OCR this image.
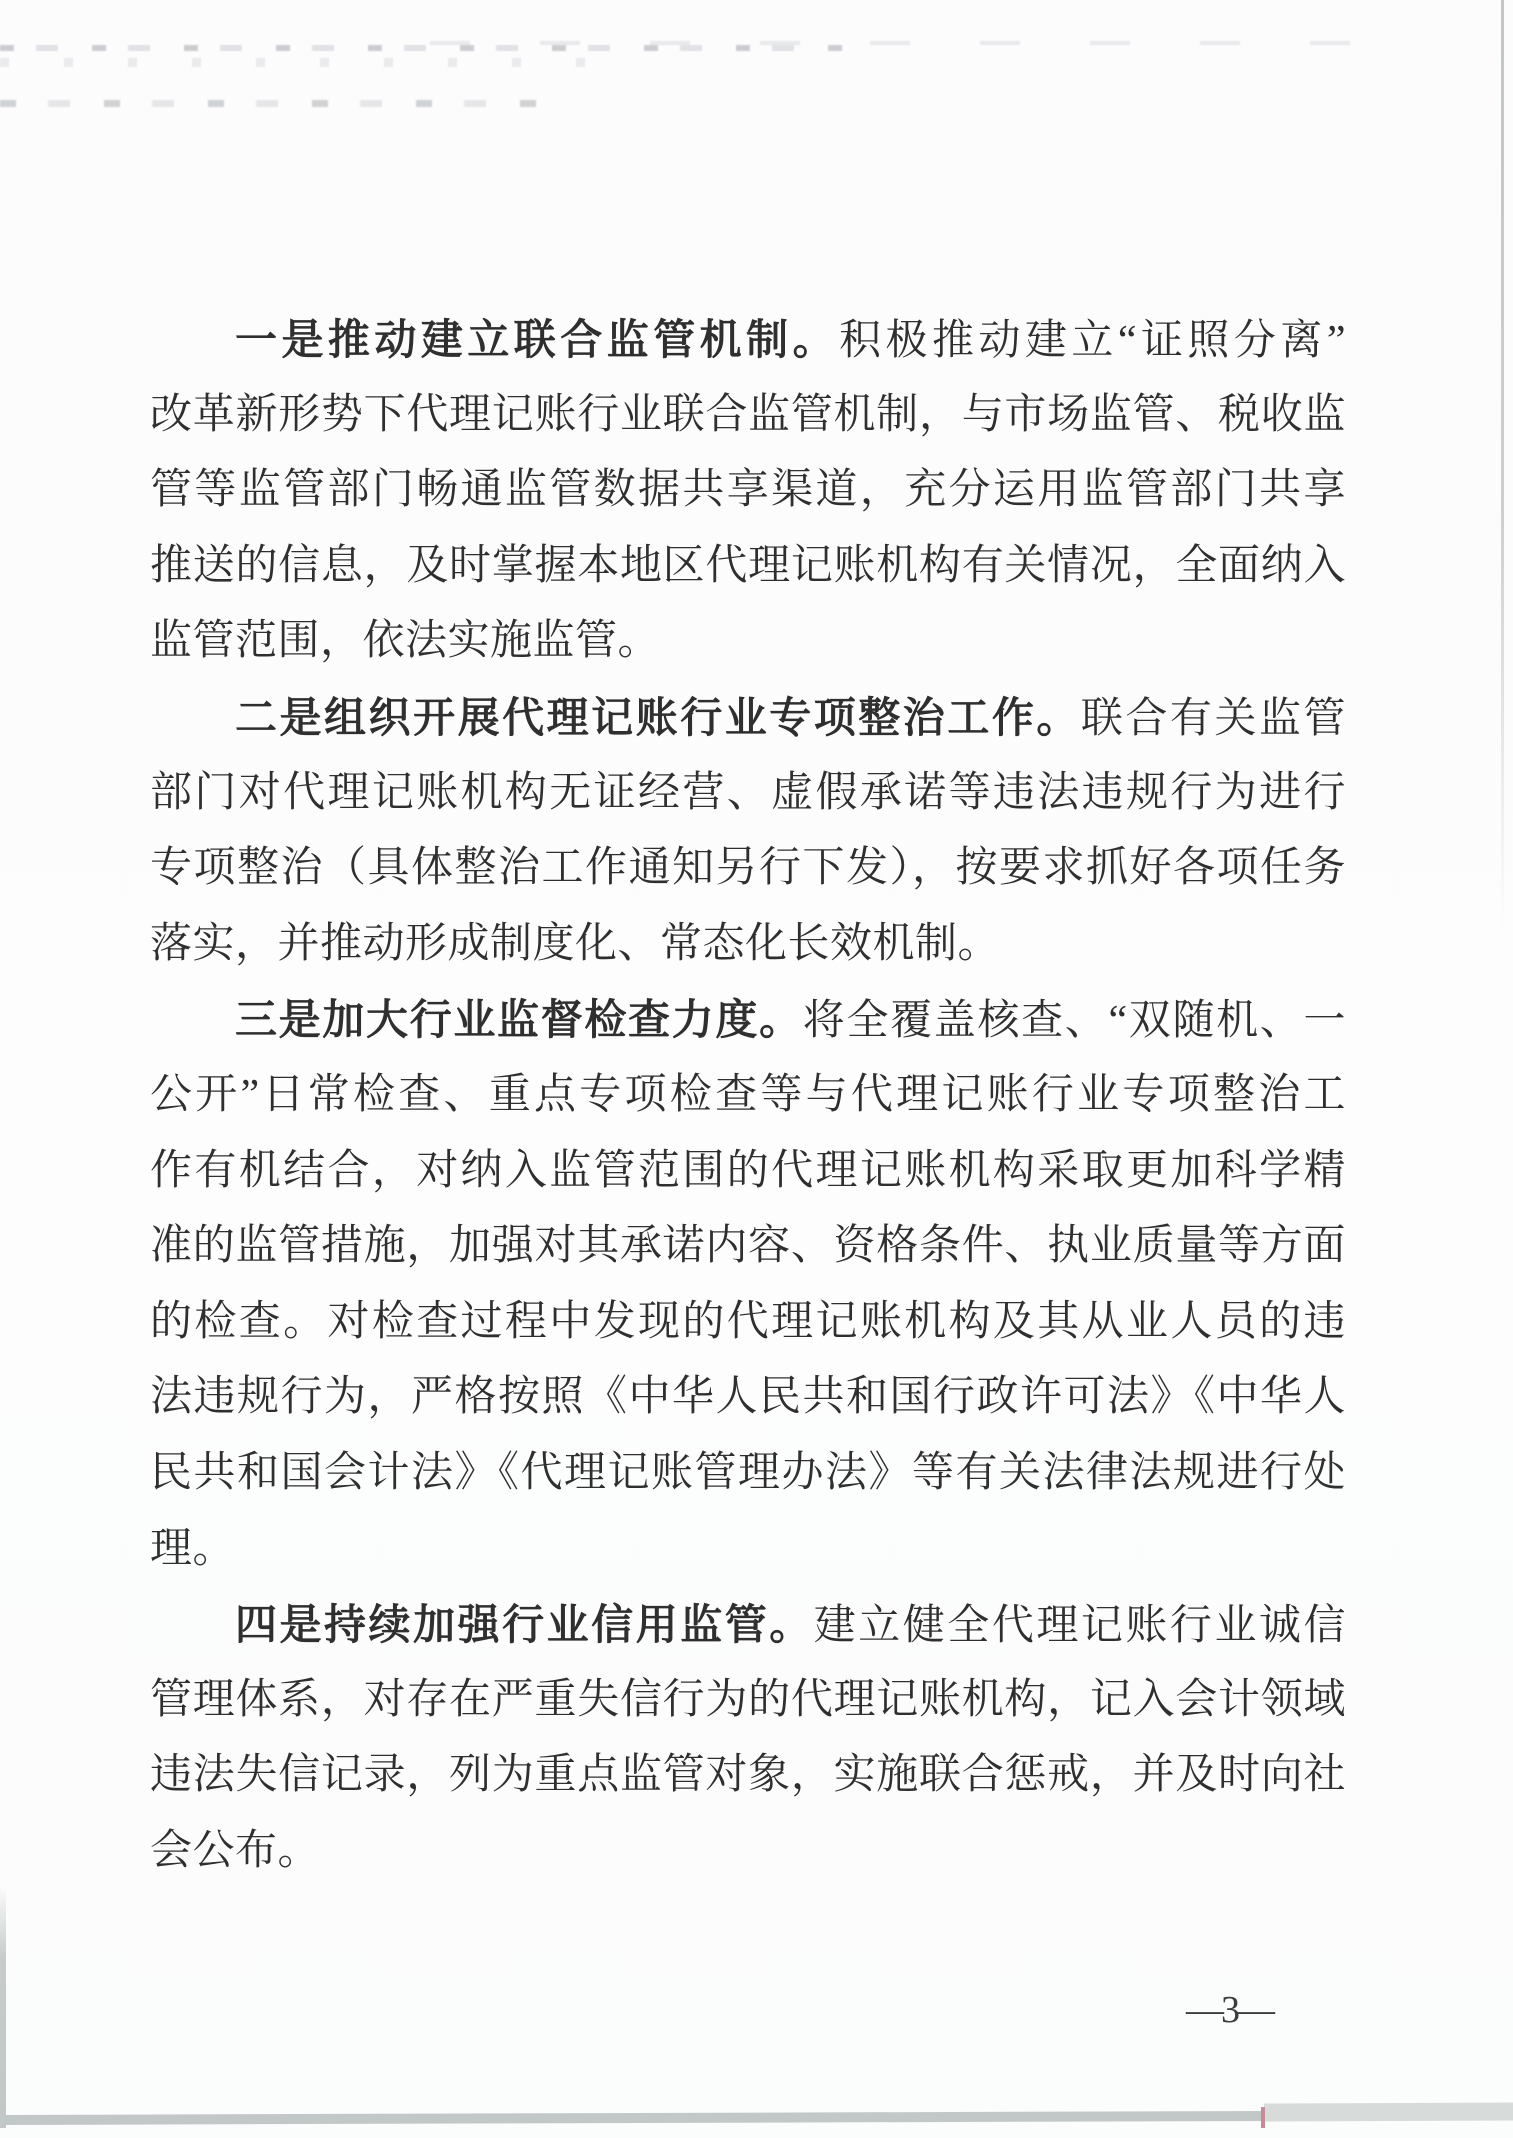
一是推动建立联合监管机制。积极推动建立“证照分离”
改革新形势下代理记账行业联合监管机制，与市场监管、税收监
管等监管部门畅通监管数据共享渠道，充分运用监管部门共享
推送的信息，及时掌握本地区代理记账机构有关情况，全面纳入
监管范围，依法实施监管。
二是组织开展代理记账行业专项整治工作。联合有关监管
部门对代理记账机构无证经营、虚假承诺等违法违规行为进行
专项整治（具体整治工作通知另行下发），按要求抓好各项任务
落实，并推动形成制度化、常态化长效机制。
三是加大行业监督检查力度。将全覆盖核查、“双随机、一
公开”日常检查、重点专项检查等与代理记账行业专项整治工
作有机结合，对纳入监管范围的代理记账机构采取更加科学精
准的监管措施，加强对其承诺内容、资格条件、执业质量等方面
的检查。对检查过程中发现的代理记账机构及其从业人员的违
法违规行为，严格按照《中华人民共和国行政许可法》《中华人
民共和国会计法》《代理记账管理办法》等有关法律法规进行处
理。
四是持续加强行业信用监管。建立健全代理记账行业诚信
管理体系，对存在严重失信行为的代理记账机构，记入会计领域
违法失信记录，列为重点监管对象，实施联合惩戒，并及时向社
会公布。
—3—
